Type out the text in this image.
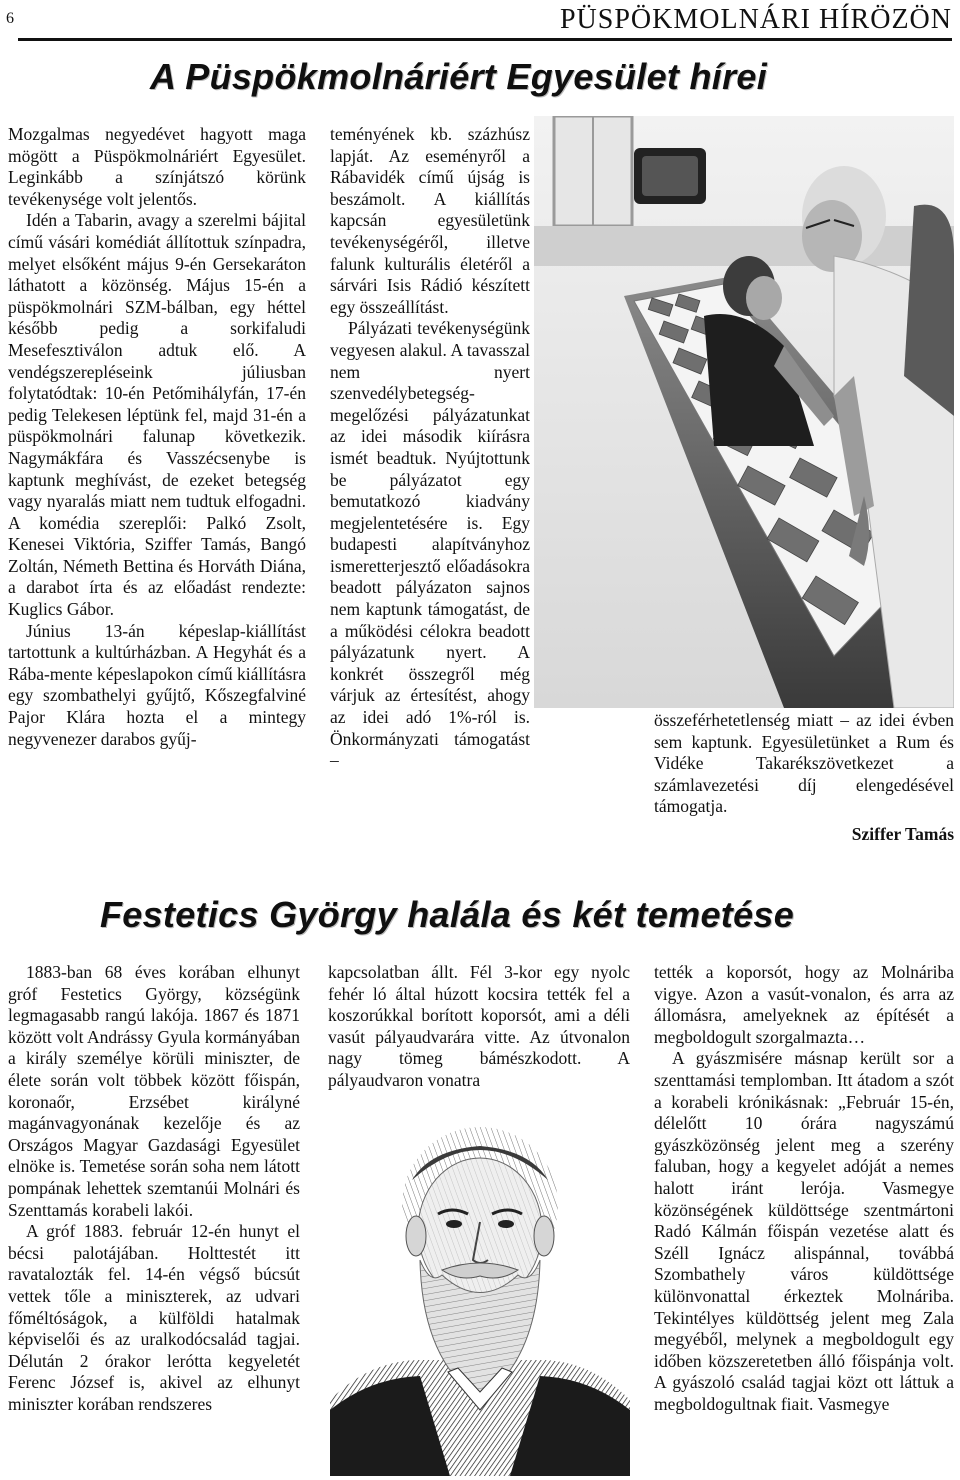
6	PÜSPÖKMOLNÁRI HÍRÖZÖN
A Püspökmolnáriért Egyesület hírei

Mozgalmas negyedévet hagyott maga mögött a Püspökmolnáriért Egyesület. Leginkább a színjátszó körünk tevékenysége volt jelentős.

Idén a Tabarin, avagy a szerelmi bájital című vásári komédiát állítottuk színpadra, melyet elsőként május 9-én Gersekaráton láthatott a közönség. Május 15-én a püspökmolnári SZM-bálban, egy héttel később pedig a sorkifaludi Mesefesztiválon adtuk elő. A vendégszerepléseink júliusban folytatódtak: 10-én Petőmihályfán, 17-én pedig Telekesen léptünk fel, majd 31-én a püspökmolnári falunap következik. Nagymákfára és Vasszécsenybe is kaptunk meghívást, de ezeket betegség vagy nyaralás miatt nem tudtuk elfogadni. A komédia szereplői: Palkó Zsolt, Kenesei Viktória, Sziffer Tamás, Bangó Zoltán, Németh Bettina és Horváth Diána, a darabot írta és az előadást rendezte: Kuglics Gábor.

Június 13-án képeslap-kiállítást tartottunk a kultúrházban. A Hegyhát és a Rába-mente képeslapokon című kiállításra egy szombathelyi gyűjtő, Kőszegfalviné Pajor Klára hozta el a mintegy negyvenezer darabos gyűj-

teményének kb. százhúsz lapját. Az eseményről a Rábavidék című újság is beszámolt. A kiállítás kapcsán egyesületünk tevékenységéről, illetve falunk kulturális életéről a sárvári Isis Rádió készített egy összeállítást.

Pályázati tevékenységünk vegyesen alakul. A tavasszal nem nyert szenvedélybetegség-megelőzési pályázatunkat az idei második kiírásra ismét beadtuk. Nyújtottunk be pályázatot egy bemutatkozó kiadvány megjelentetésére is. Egy budapesti alapítványhoz ismeretterjesztő előadásokra beadott pályázaton sajnos nem kaptunk támogatást, de a működési célokra beadott pályázatunk nyert. A konkrét összegről még várjuk az értesítést, ahogy az idei adó 1%-ról is. Önkormányzati támogatást –

összeférhetetlenség miatt – az idei évben sem kaptunk. Egyesületünket a Rum és Vidéke Takarékszövetkezet a számlavezetési díj elengedésével támogatja.

Sziffer Tamás
Festetics György halála és két temetése

1883-ban 68 éves korában elhunyt gróf Festetics György, községünk legmagasabb rangú lakója. 1867 és 1871 között volt Andrássy Gyula kormányában a király személye körüli miniszter, de élete során volt többek között főispán, koronaőr, Erzsébet királyné magánvagyonának kezelője és az Országos Magyar Gazdasági Egyesület elnöke is. Temetése során soha nem látott pompának lehettek szemtanúi Molnári és Szenttamás korabeli lakói.

A gróf 1883. február 12-én hunyt el bécsi palotájában. Holttestét itt ravatalozták fel. 14-én végső búcsút vettek tőle a miniszterek, az udvari főméltóságok, a külföldi hatalmak képviselői és az uralkodócsalád tagjai. Délután 2 órakor lerótta kegyeletét Ferenc József is, akivel az elhunyt miniszter korában rendszeres

kapcsolatban állt. Fél 3-kor egy nyolc fehér ló által húzott kocsira tették fel a koszorúkkal borított koporsót, ami a déli vasút pályaudvarára vitte. Az útvonalon nagy tömeg bámészkodott. A pályaudvaron vonatra

tették a koporsót, hogy az Molnáriba vigye. Azon a vasút-vonalon, és arra az állomásra, amelyeknek az építését a megboldogult szorgalmazta…

A gyászmisére másnap került sor a szenttamási templomban. Itt átadom a szót a korabeli krónikásnak: „Február 15-én, délelőtt 10 órára nagyszámú gyászközönség jelent meg a szerény faluban, hogy a kegyelet adóját a nemes halott iránt lerója. Vasmegye közönségének küldöttsége szentmártoni Radó Kálmán főispán vezetése alatt és Széll Ignácz alispánnal, továbbá Szombathely város küldöttsége különvonattal érkeztek Molnáriba. Tekintélyes küldöttség jelent meg Zala megyéből, melynek a megboldogult egy időben közszeretetben álló főispánja volt. A gyászoló család tagjai közt ott láttuk a megboldogultnak fiait. Vasmegye
